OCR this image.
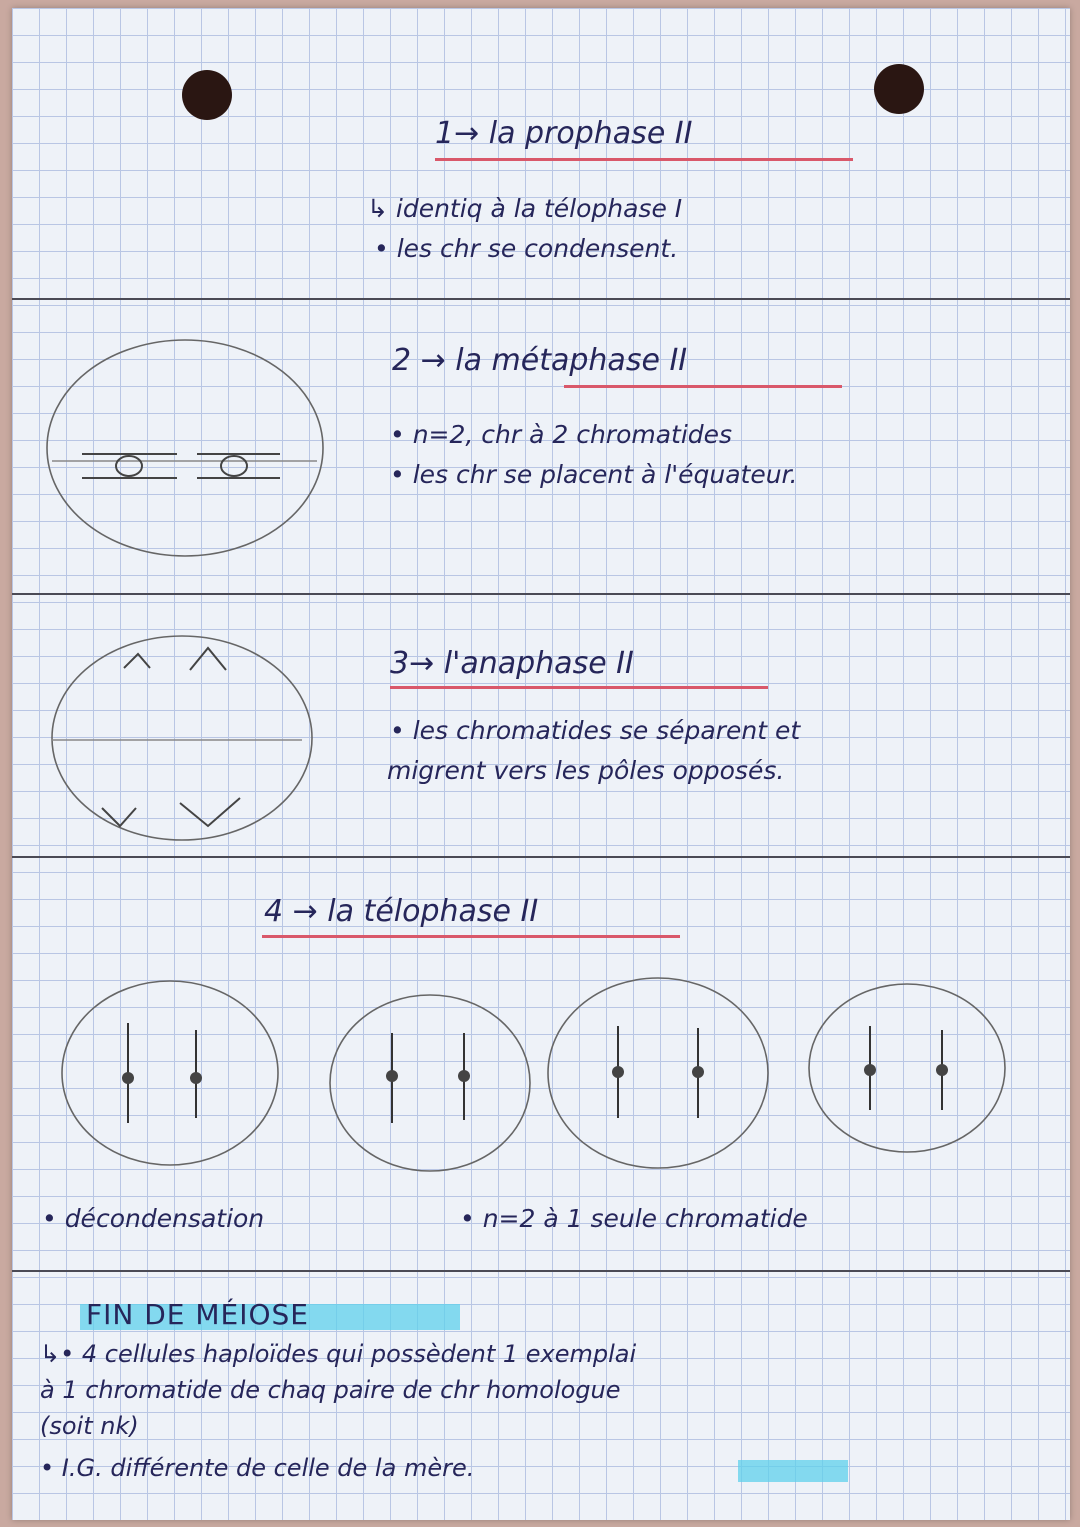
1→ la prophase II
↳ identiq à la télophase I
• les chr se condensent.
2 → la métaphase II
• n=2, chr à 2 chromatides
• les chr se placent à l'équateur.
3→ l'anaphase II
• les chromatides se séparent et
migrent vers les pôles opposés.
4 → la télophase II
• décondensation	• n=2 à 1 seule chromatide
FIN DE MÉIOSE
↳• 4 cellules haploïdes qui possèdent 1 exemplai
à 1 chromatide de chaq paire de chr homologue
(soit nk)
• I.G. différente de celle de la mère.
